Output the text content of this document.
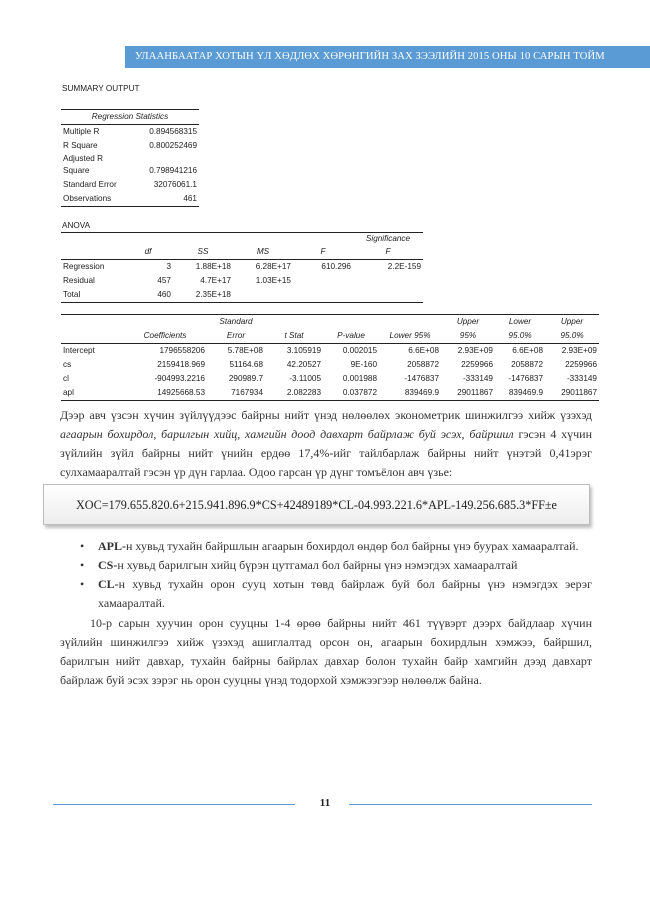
УЛААНБААТАР ХОТЫН ҮЛ ХӨДЛӨХ ХӨРӨНГИЙН ЗАХ ЗЭЭЛИЙН 2015 ОНЫ 10 САРЫН ТОЙМ
SUMMARY OUTPUT
Regression Statistics	
Multiple R	0.894568315
R Square	0.800252469
Adjusted R	
Square	0.798941216
Standard Error	32076061.1
Observations	461
ANOVA
					Significance
	df	SS	MS	F	F
Regression	3	1.88E+18	6.28E+17	610.296	2.2E-159
Residual	457	4.7E+17	1.03E+15		
Total	460	2.35E+18			
		Standard				Upper	Lower	Upper
	Coefficients	Error	t Stat	P-value	Lower 95%	95%	95.0%	95.0%
Intercept	1796558206	5.78E+08	3.105919	0.002015	6.6E+08	2.93E+09	6.6E+08	2.93E+09
cs	2159418.969	51164.68	42.20527	9E-160	2058872	2259966	2058872	2259966
cl	-904993.2216	290989.7	-3.11005	0.001988	-1476837	-333149	-1476837	-333149
apl	14925668.53	7167934	2.082283	0.037872	839469.9	29011867	839469.9	29011867
Дээр авч үзсэн хүчин зүйлүүдээс байрны нийт үнэд нөлөөлөх эконометрик шинжилгээ хийж үзэхэд агаарын бохирдол, барилгын хийц, хамгийн доод давхарт байрлаж буй эсэх, байршил гэсэн 4 хүчин зүйлийн зүйл байрны нийт үнийн ердөө 17,4%-ийг тайлбарлаж байрны нийт үнэтэй 0,41эрэг сулхамааралтай гэсэн үр дүн гарлаа. Одоо гарсан үр дүнг томъёлон авч үзье:
XOC=179.655.820.6+215.941.896.9*CS+42489189*CL-04.993.221.6*APL-149.256.685.3*FF±e
• APL-н хувьд тухайн байршлын агаарын бохирдол өндөр бол байрны үнэ буурах хамааралтай.
• CS-н хувьд барилгын хийц бүрэн цутгамал бол байрны үнэ нэмэгдэх хамааралтай
• CL-н хувьд тухайн орон сууц хотын төвд байрлаж буй бол байрны үнэ нэмэгдэх эерэг хамааралтай.
10-р сарын хуучин орон сууцны 1-4 өрөө байрны нийт 461 түүвэрт дээрх байдлаар хүчин зүйлийн шинжилгээ хийж үзэхэд ашиглалтад орсон он, агаарын бохирдлын хэмжээ, байршил, барилгын нийт давхар, тухайн байрны байрлах давхар болон тухайн байр хамгийн дээд давхарт байрлаж буй эсэх зэрэг нь орон сууцны үнэд тодорхой хэмжээгээр нөлөөлж байна.
11
